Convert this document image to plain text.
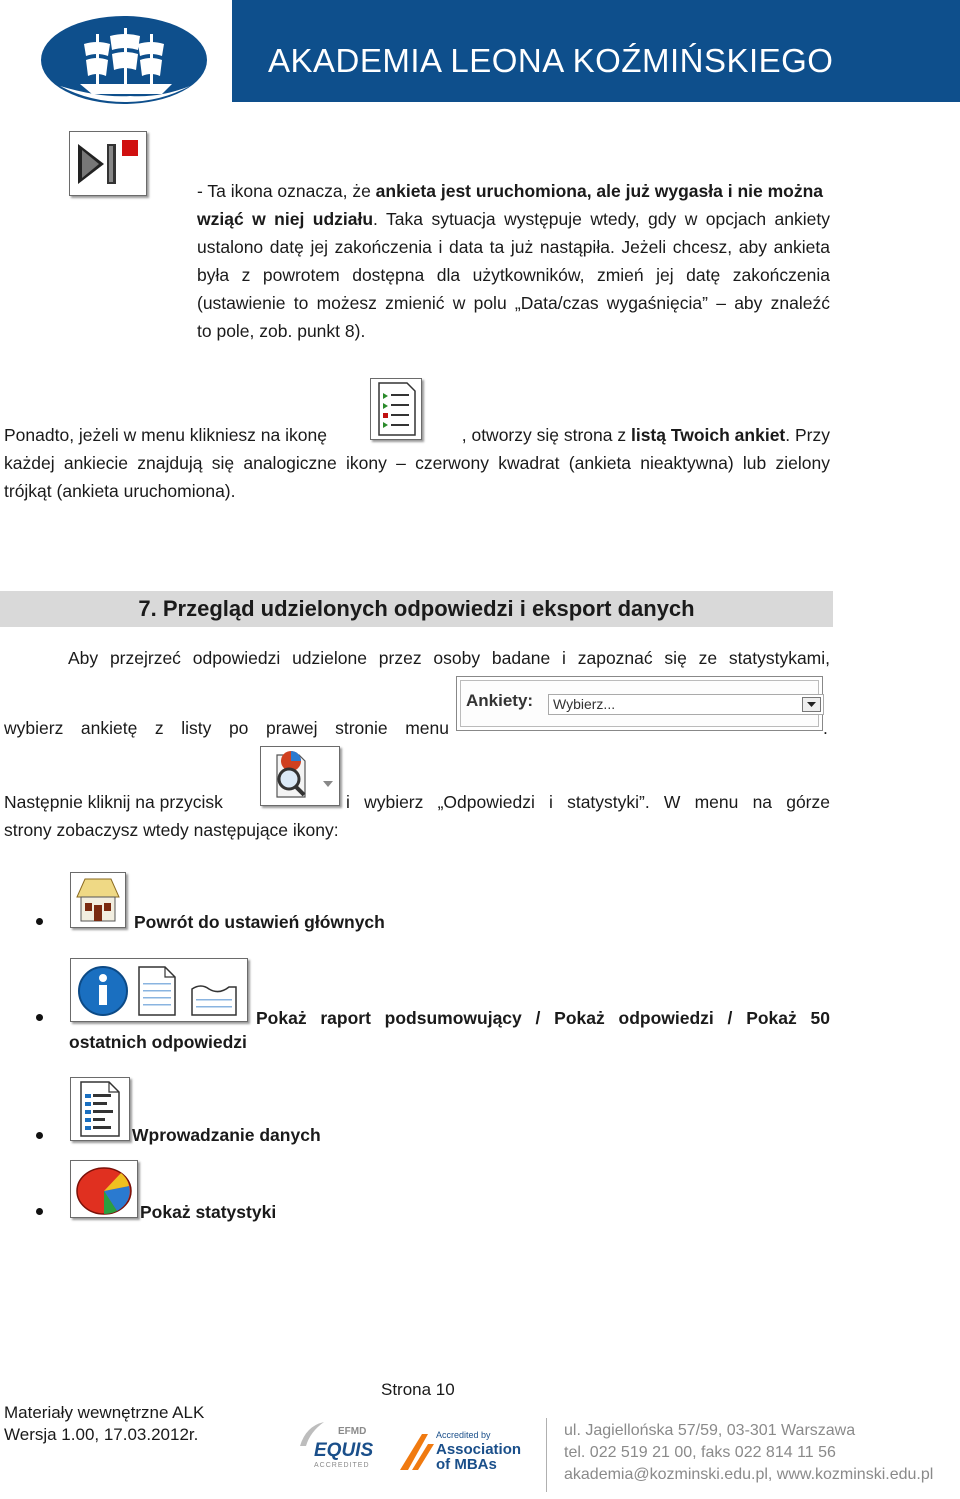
AKADEMIA LEONA KOŹMIŃSKIEGO
- Ta ikona oznacza, że ankieta jest uruchomiona, ale już wygasła i nie można
wziąć w niej udziału. Taka sytuacja występuje wtedy, gdy w opcjach ankiety
ustalono datę jej zakończenia i data ta już nastąpiła. Jeżeli chcesz, aby ankieta
była z powrotem dostępna dla użytkowników, zmień jej datę zakończenia
(ustawienie to możesz zmienić w polu „Data/czas wygaśnięcia” – aby znaleźć
to pole, zob. punkt 8).
Ponadto, jeżeli w menu klikniesz na ikonę	, otworzy się strona z listą Twoich ankiet. Przy
każdej ankiecie znajdują się analogiczne ikony – czerwony kwadrat (ankieta nieaktywna) lub zielony
trójkąt (ankieta uruchomiona).
7. Przegląd udzielonych odpowiedzi i eksport danych
Aby przejrzeć odpowiedzi udzielone przez osoby badane i zapoznać się ze statystykami,
wybierz ankietę z listy po prawej stronie menu
Ankiety: Wybierz...
.
Następnie kliknij na przycisk	i wybierz „Odpowiedzi i statystyki”. W menu na górze
strony zobaczysz wtedy następujące ikony:
Powrót do ustawień głównych
Pokaż raport podsumowujący / Pokaż odpowiedzi / Pokaż 50
ostatnich odpowiedzi
Wprowadzanie danych
Pokaż statystyki
Strona 10
Materiały wewnętrzne ALK
Wersja 1.00, 17.03.2012r.	EFMD
EQUIS
ACCREDITED
Accredited by
Association
of MBAs
ul. Jagiellońska 57/59, 03-301 Warszawa
tel. 022 519 21 00, faks 022 814 11 56
akademia@kozminski.edu.pl, www.kozminski.edu.pl
